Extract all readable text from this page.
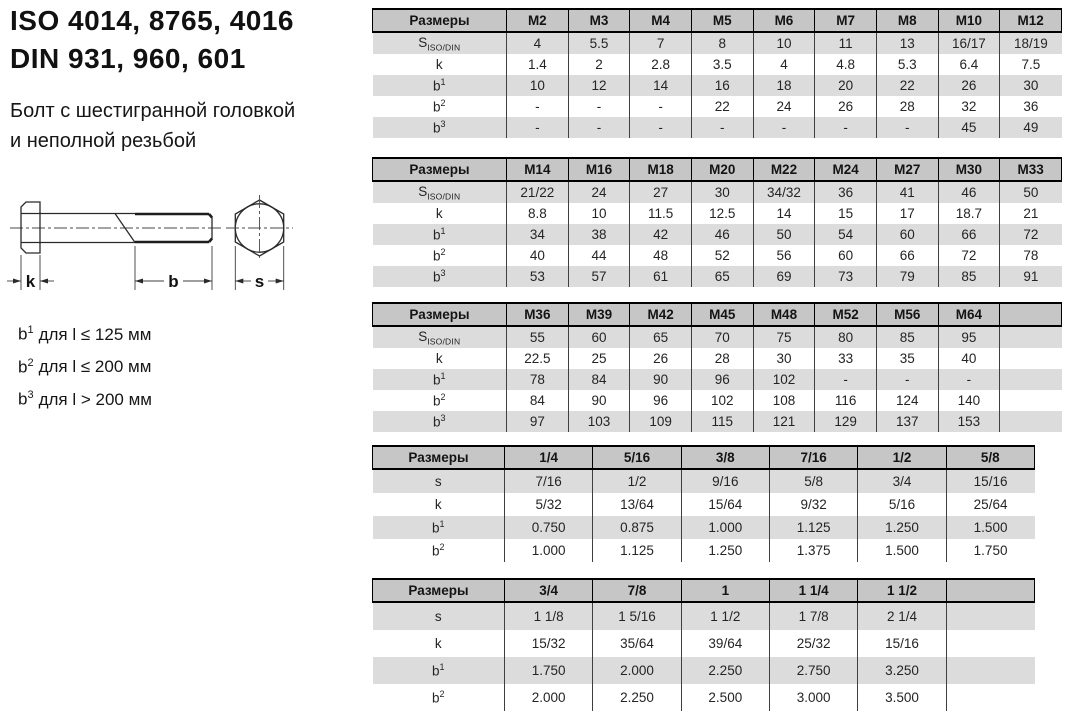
ISO 4014, 8765, 4016
DIN 931, 960, 601

Болт с шестигранной головкой
и неполной резьбой

k	b	s
$b^1$ для l ≤ 125 мм
$b^2$ для l ≤ 200 мм
$b^3$ для l > 200 мм
Размеры	M2	M3	M4	M5	M6	M7	M8	M10	M12
$S_{ISO/DIN}$	4	5.5	7	8	10	11	13	16/17	18/19
k	1.4	2	2.8	3.5	4	4.8	5.3	6.4	7.5
$b^1$	10	12	14	16	18	20	22	26	30
$b^2$	-	-	-	22	24	26	28	32	36
$b^3$	-	-	-	-	-	-	-	45	49
Размеры	M14	M16	M18	M20	M22	M24	M27	M30	M33
$S_{ISO/DIN}$	21/22	24	27	30	34/32	36	41	46	50
k	8.8	10	11.5	12.5	14	15	17	18.7	21
$b^1$	34	38	42	46	50	54	60	66	72
$b^2$	40	44	48	52	56	60	66	72	78
$b^3$	53	57	61	65	69	73	79	85	91
Размеры	M36	M39	M42	M45	M48	M52	M56	M64	
$S_{ISO/DIN}$	55	60	65	70	75	80	85	95	
k	22.5	25	26	28	30	33	35	40	
$b^1$	78	84	90	96	102	-	-	-	
$b^2$	84	90	96	102	108	116	124	140	
$b^3$	97	103	109	115	121	129	137	153	
Размеры	1/4	5/16	3/8	7/16	1/2	5/8
s	7/16	1/2	9/16	5/8	3/4	15/16
k	5/32	13/64	15/64	9/32	5/16	25/64
$b^1$	0.750	0.875	1.000	1.125	1.250	1.500
$b^2$	1.000	1.125	1.250	1.375	1.500	1.750
Размеры	3/4	7/8	1	1 1/4	1 1/2	
s	1 1/8	1 5/16	1 1/2	1 7/8	2 1/4	
k	15/32	35/64	39/64	25/32	15/16	
$b^1$	1.750	2.000	2.250	2.750	3.250	
$b^2$	2.000	2.250	2.500	3.000	3.500	
